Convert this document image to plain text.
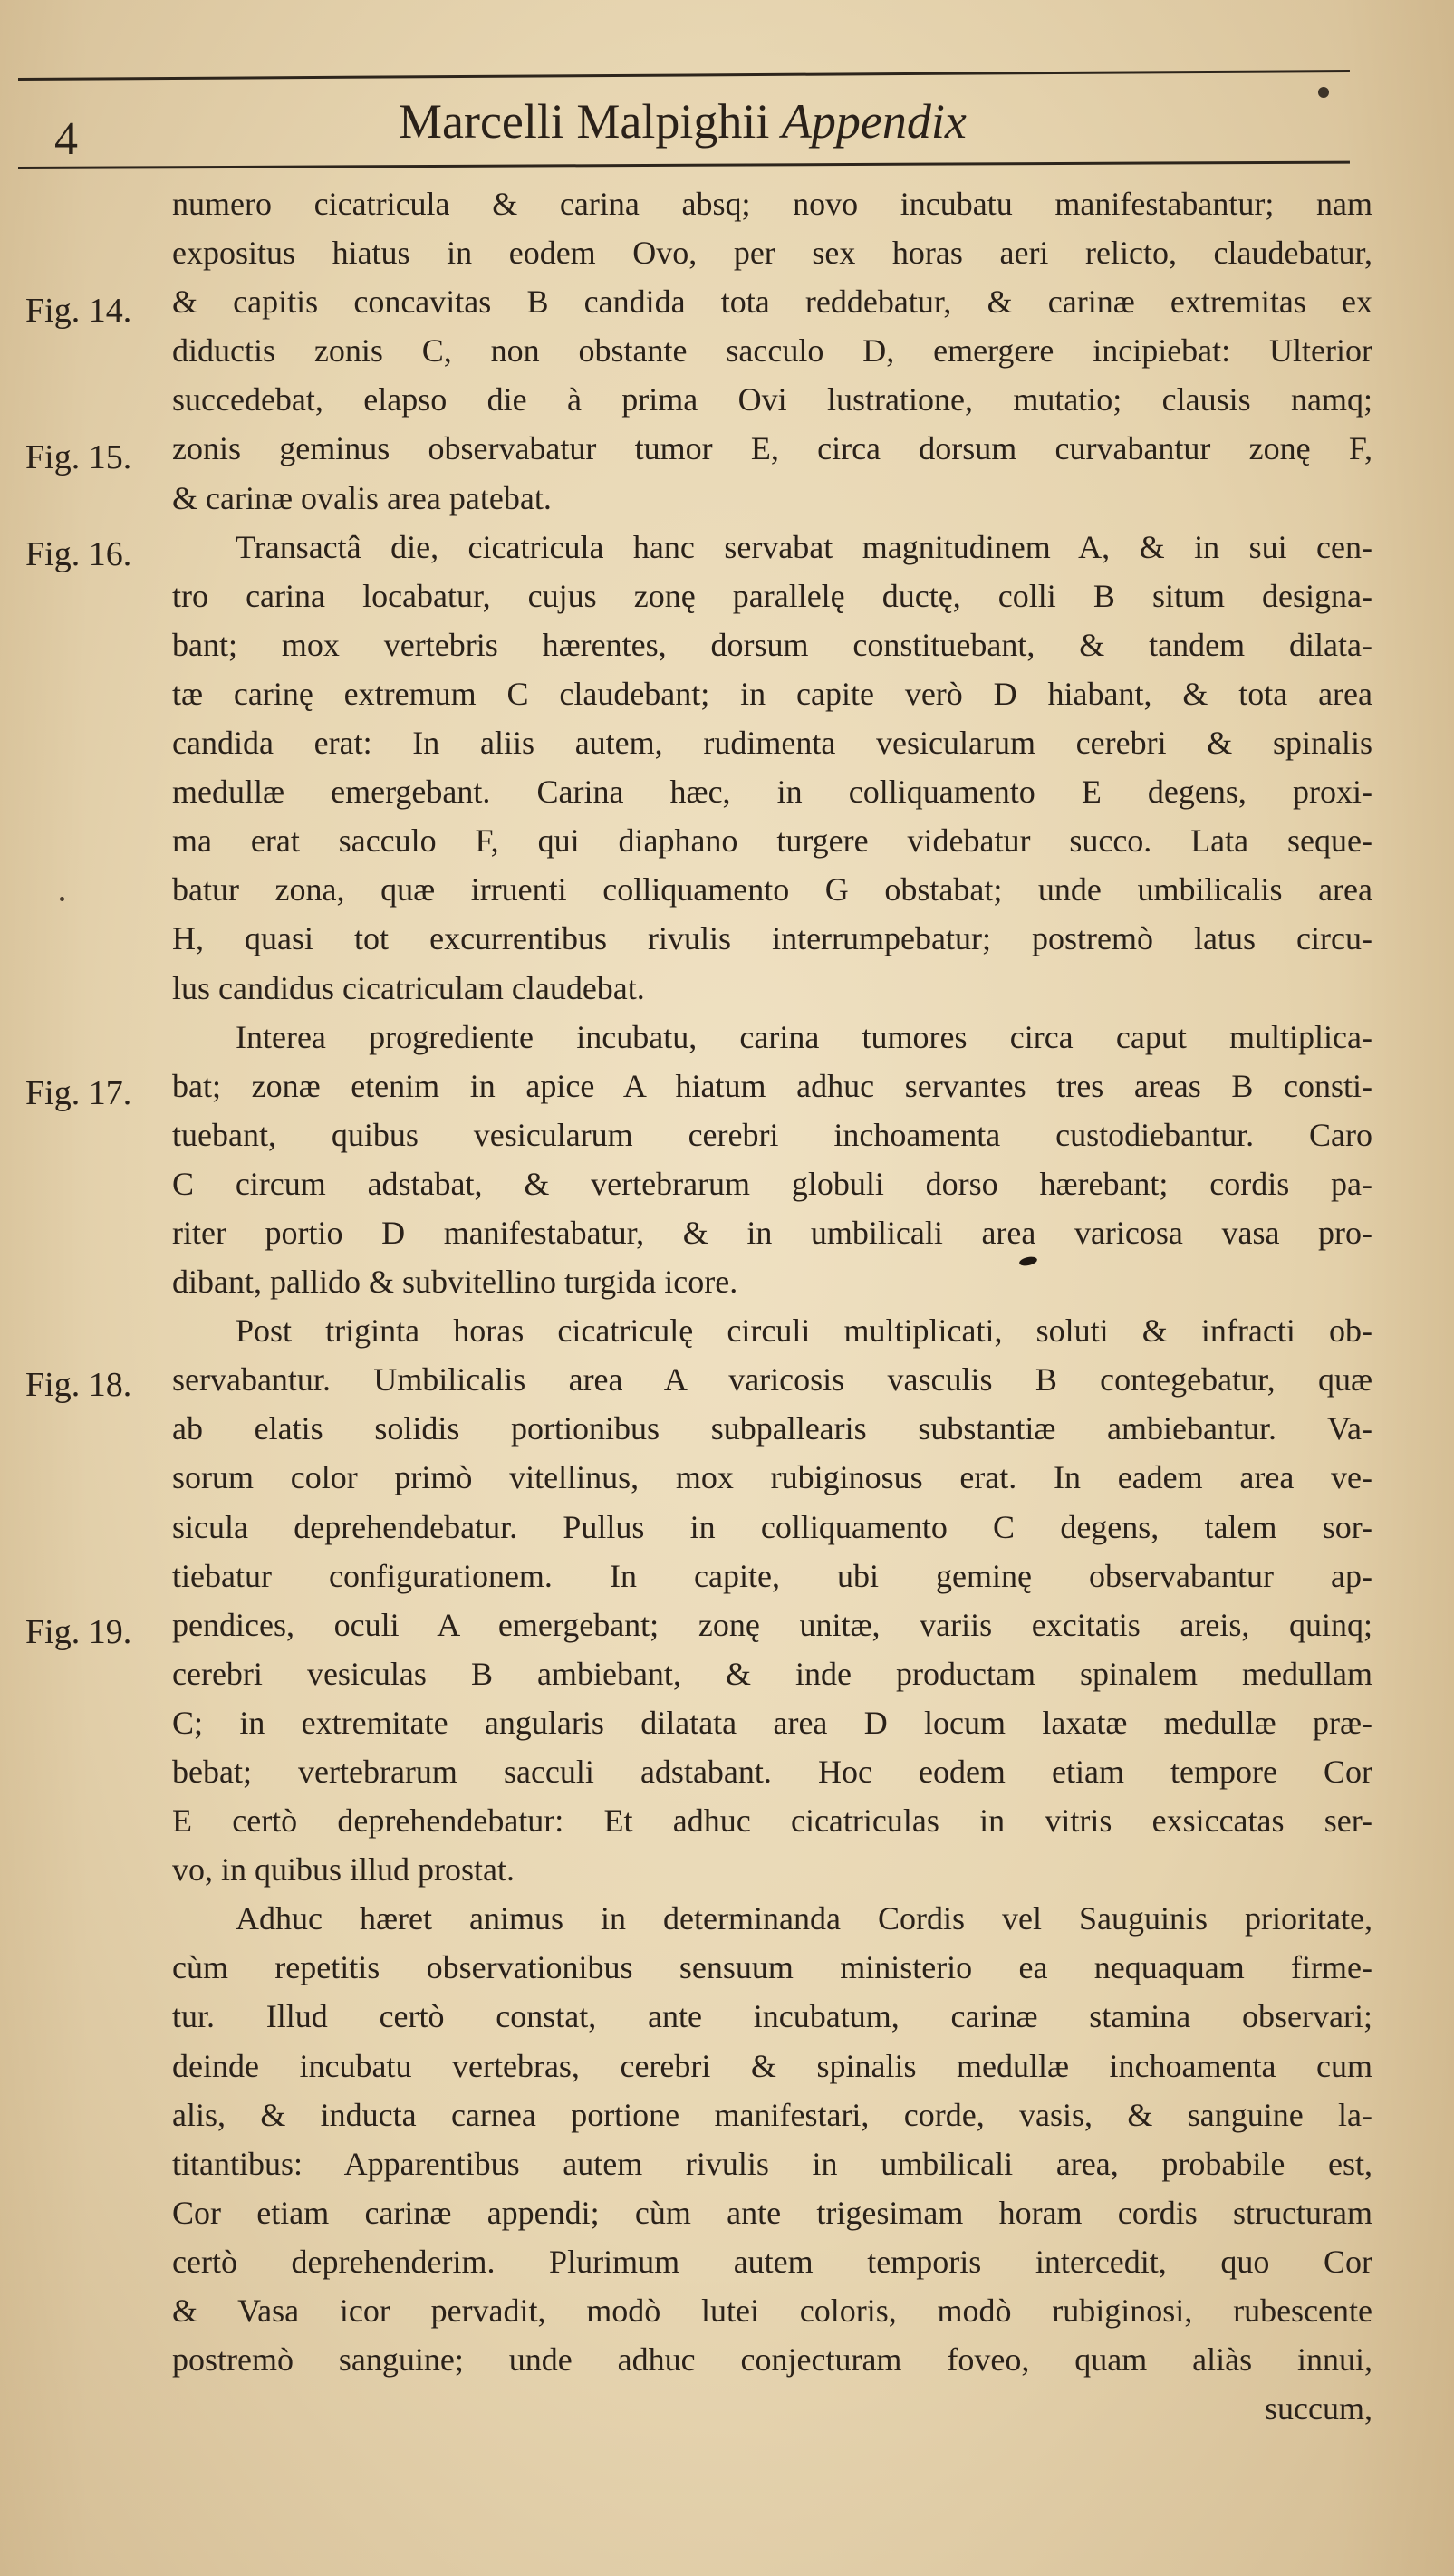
4	Marcelli Malpighii Appendix
Fig. 14.
Fig. 15.
Fig. 16.
Fig. 17.
Fig. 18.
Fig. 19.
numero cicatricula & carina absq; novo incubatu manifestabantur; nam
expositus hiatus in eodem Ovo, per sex horas aeri relicto, claudebatur,
& capitis concavitas B candida tota reddebatur, & carinæ extremitas ex
diductis zonis C, non obstante sacculo D, emergere incipiebat: Ulterior
succedebat, elapso die à prima Ovi lustratione, mutatio; clausis namq;
zonis geminus observabatur tumor E, circa dorsum curvabantur zonę F,
& carinæ ovalis area patebat.
Transactâ die, cicatricula hanc servabat magnitudinem A, & in sui cen-
tro carina locabatur, cujus zonę parallelę ductę, colli B situm designa-
bant; mox vertebris hærentes, dorsum constituebant, & tandem dilata-
tæ carinę extremum C claudebant; in capite verò D hiabant, & tota area
candida erat: In aliis autem, rudimenta vesicularum cerebri & spinalis
medullæ emergebant. Carina hæc, in colliquamento E degens, proxi-
ma erat sacculo F, qui diaphano turgere videbatur succo. Lata seque-
batur zona, quæ irruenti colliquamento G obstabat; unde umbilicalis area
H, quasi tot excurrentibus rivulis interrumpebatur; postremò latus circu-
lus candidus cicatriculam claudebat.
Interea progrediente incubatu, carina tumores circa caput multiplica-
bat; zonæ etenim in apice A hiatum adhuc servantes tres areas B consti-
tuebant, quibus vesicularum cerebri inchoamenta custodiebantur. Caro
C circum adstabat, & vertebrarum globuli dorso hærebant; cordis pa-
riter portio D manifestabatur, & in umbilicali area varicosa vasa pro-
dibant, pallido & subvitellino turgida icore.
Post triginta horas cicatriculę circuli multiplicati, soluti & infracti ob-
servabantur. Umbilicalis area A varicosis vasculis B contegebatur, quæ
ab elatis solidis portionibus subpallearis substantiæ ambiebantur. Va-
sorum color primò vitellinus, mox rubiginosus erat. In eadem area ve-
sicula deprehendebatur. Pullus in colliquamento C degens, talem sor-
tiebatur configurationem. In capite, ubi geminę observabantur ap-
pendices, oculi A emergebant; zonę unitæ, variis excitatis areis, quinq;
cerebri vesiculas B ambiebant, & inde productam spinalem medullam
C; in extremitate angularis dilatata area D locum laxatæ medullæ præ-
bebat; vertebrarum sacculi adstabant. Hoc eodem etiam tempore Cor
E certò deprehendebatur: Et adhuc cicatriculas in vitris exsiccatas ser-
vo, in quibus illud prostat.
Adhuc hæret animus in determinanda Cordis vel Sauguinis prioritate,
cùm repetitis observationibus sensuum ministerio ea nequaquam firme-
tur. Illud certò constat, ante incubatum, carinæ stamina observari;
deinde incubatu vertebras, cerebri & spinalis medullæ inchoamenta cum
alis, & inducta carnea portione manifestari, corde, vasis, & sanguine la-
titantibus: Apparentibus autem rivulis in umbilicali area, probabile est,
Cor etiam carinæ appendi; cùm ante trigesimam horam cordis structuram
certò deprehenderim. Plurimum autem temporis intercedit, quo Cor
& Vasa icor pervadit, modò lutei coloris, modò rubiginosi, rubescente
postremò sanguine; unde adhuc conjecturam foveo, quam aliàs innui,
succum,
